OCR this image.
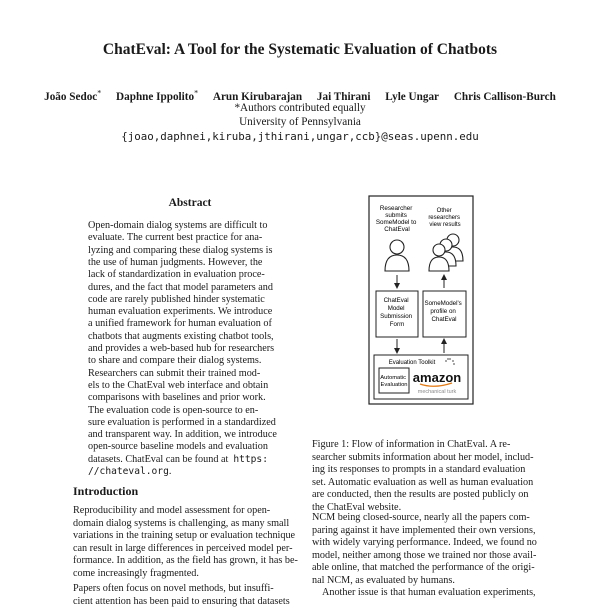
ChatEval: A Tool for the Systematic Evaluation of Chatbots
João Sedoc* Daphne Ippolito* Arun Kirubarajan Jai Thirani Lyle Ungar Chris Callison-Burch
*Authors contributed equally
University of Pennsylvania
{joao,daphnei,kiruba,jthirani,ungar,ccb}@seas.upenn.edu
Abstract
Open-domain dialog systems are difficult to
evaluate. The current best practice for ana-
lyzing and comparing these dialog systems is
the use of human judgments. However, the
lack of standardization in evaluation proce-
dures, and the fact that model parameters and
code are rarely published hinder systematic
human evaluation experiments. We introduce
a unified framework for human evaluation of
chatbots that augments existing chatbot tools,
and provides a web-based hub for researchers
to share and compare their dialog systems.
Researchers can submit their trained mod-
els to the ChatEval web interface and obtain
comparisons with baselines and prior work.
The evaluation code is open-source to en-
sure evaluation is performed in a standardized
and transparent way. In addition, we introduce
open-source baseline models and evaluation
datasets. ChatEval can be found at https:
//chateval.org.
Introduction
Reproducibility and model assessment for open-
domain dialog systems is challenging, as many small
variations in the training setup or evaluation technique
can result in large differences in perceived model per-
formance. In addition, as the field has grown, it has be-
come increasingly fragmented.
Papers often focus on novel methods, but insuffi-
cient attention has been paid to ensuring that datasets
Researcher submits SomeModel to ChatEval
Other researchers view results
ChatEval Model Submission Form
SomeModel's profile on ChatEval
Evaluation Toolkit
Automatic Evaluation amazon
mechanical turk
Figure 1: Flow of information in ChatEval. A re-
searcher submits information about her model, includ-
ing its responses to prompts in a standard evaluation
set. Automatic evaluation as well as human evaluation
are conducted, then the results are posted publicly on
the ChatEval website.
NCM being closed-source, nearly all the papers com-
paring against it have implemented their own versions,
with widely varying performance. Indeed, we found no
model, neither among those we trained nor those avail-
able online, that matched the performance of the origi-
nal NCM, as evaluated by humans.
Another issue is that human evaluation experiments,
